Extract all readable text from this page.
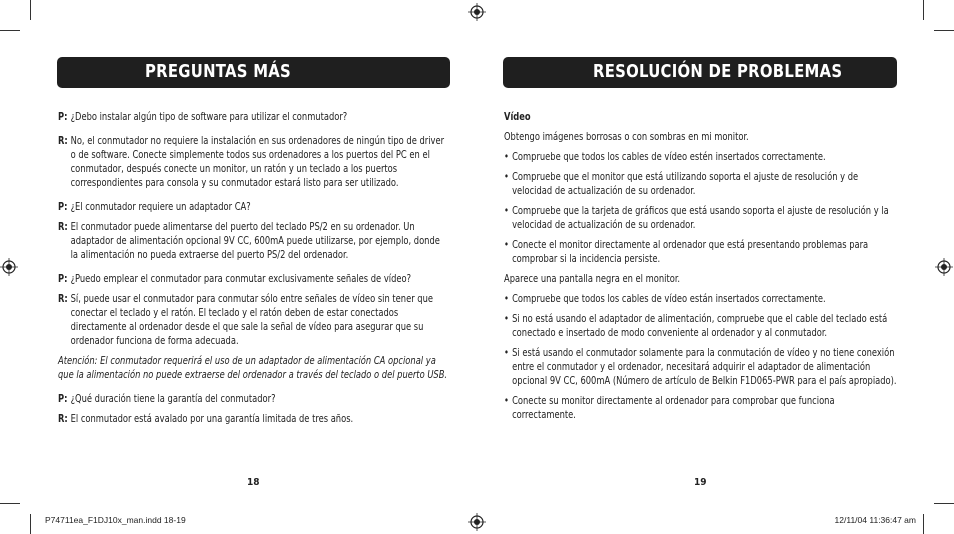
PREGUNTAS MÁS FRECUENTES
P: ¿Debo instalar algún tipo de software para utilizar el conmutador?
R: No, el conmutador no requiere la instalación en sus ordenadores de ningún tipo de driver o de software. Conecte simplemente todos sus ordenadores a los puertos del PC en el conmutador, después conecte un monitor, un ratón y un teclado a los puertos correspondientes para consola y su conmutador estará listo para ser utilizado.
P: ¿El conmutador requiere un adaptador CA?
R: El conmutador puede alimentarse del puerto del teclado PS/2 en su ordenador. Un adaptador de alimentación opcional 9V CC, 600mA puede utilizarse, por ejemplo, donde la alimentación no pueda extraerse del puerto PS/2 del ordenador.
P: ¿Puedo emplear el conmutador para conmutar exclusivamente señales de vídeo?
R: Sí, puede usar el conmutador para conmutar sólo entre señales de vídeo sin tener que conectar el teclado y el ratón. El teclado y el ratón deben de estar conectados directamente al ordenador desde el que sale la señal de vídeo para asegurar que su ordenador funciona de forma adecuada.
Atención: El conmutador requerirá el uso de un adaptador de alimentación CA opcional ya que la alimentación no puede extraerse del ordenador a través del teclado o del puerto USB.
P: ¿Qué duración tiene la garantía del conmutador?
R: El conmutador está avalado por una garantía limitada de tres años.
18
RESOLUCIÓN DE PROBLEMAS
Vídeo
Obtengo imágenes borrosas o con sombras en mi monitor.
• Compruebe que todos los cables de vídeo estén insertados correctamente.
• Compruebe que el monitor que está utilizando soporta el ajuste de resolución y de velocidad de actualización de su ordenador.
• Compruebe que la tarjeta de gráficos que está usando soporta el ajuste de resolución y la velocidad de actualización de su ordenador.
• Conecte el monitor directamente al ordenador que está presentando problemas para comprobar si la incidencia persiste.
Aparece una pantalla negra en el monitor.
• Compruebe que todos los cables de vídeo están insertados correctamente.
• Si no está usando el adaptador de alimentación, compruebe que el cable del teclado está conectado e insertado de modo conveniente al ordenador y al conmutador.
• Si está usando el conmutador solamente para la conmutación de vídeo y no tiene conexión entre el conmutador y el ordenador, necesitará adquirir el adaptador de alimentación opcional 9V CC, 600mA (Número de artículo de Belkin F1D065-PWR para el país apropiado).
• Conecte su monitor directamente al ordenador para comprobar que funciona correctamente.
19
P74711ea_F1DJ10x_man.indd 18-19	12/11/04 11:36:47 am
